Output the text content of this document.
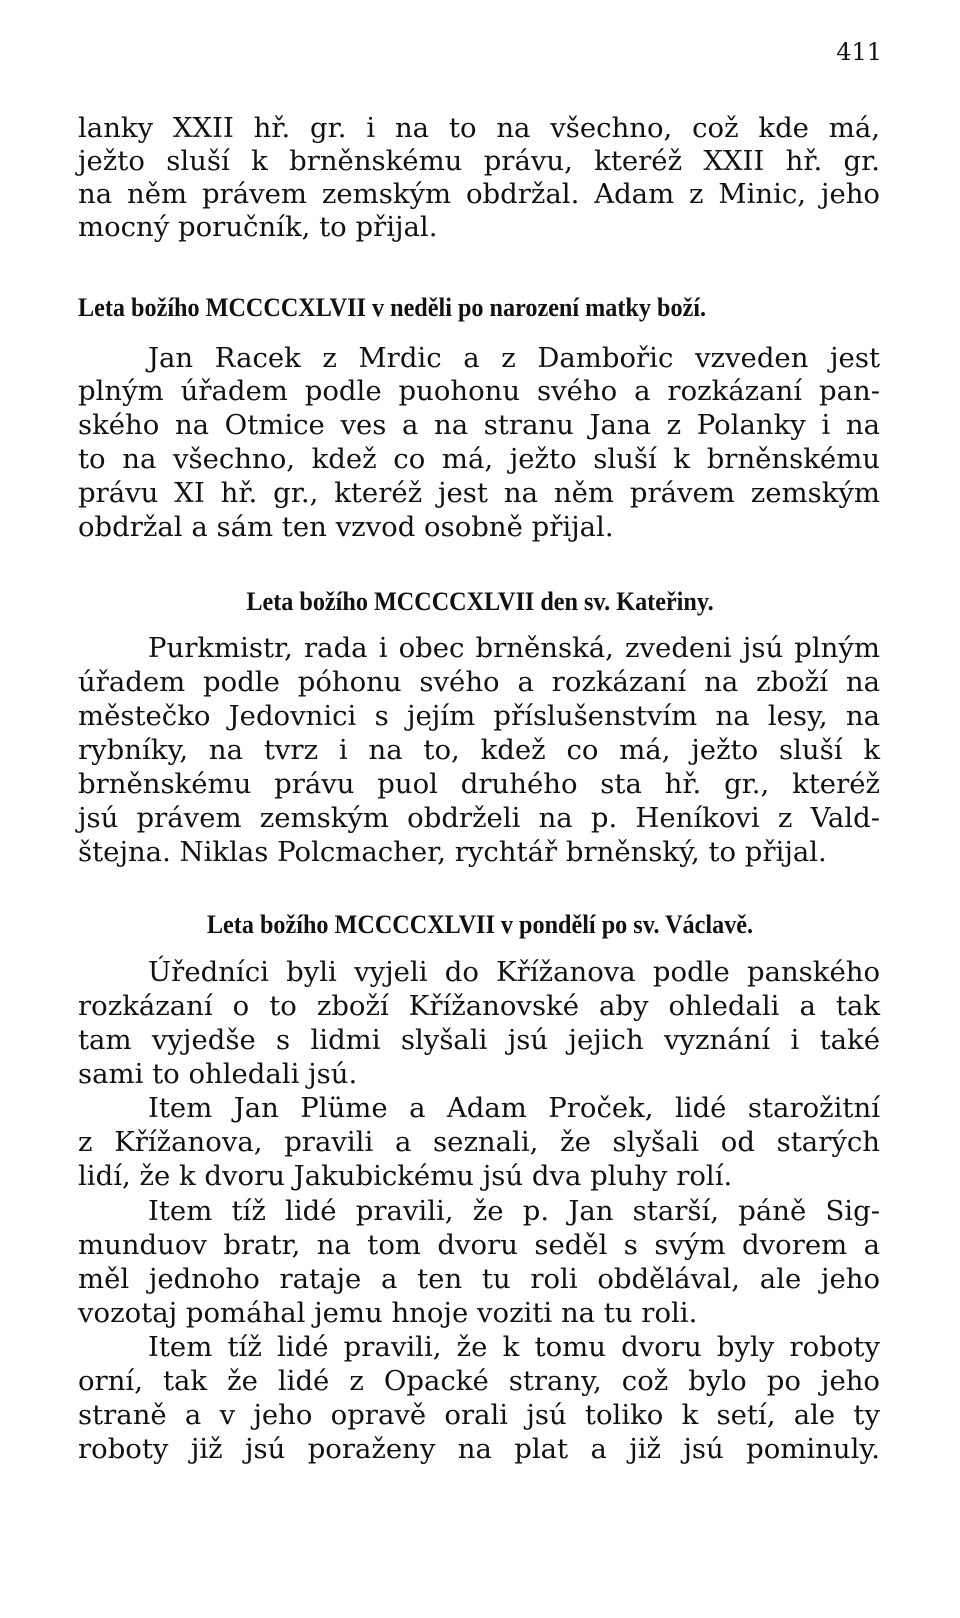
411
lanky XXII hř. gr. i na to na všechno, což kde má,
ježto sluší k brněnskému právu, kteréž XXII hř. gr.
na něm právem zemským obdržal. Adam z Minic, jeho
mocný poručník, to přijal.
Leta božího MCCCCXLVII v neděli po narození matky boží.
Jan Racek z Mrdic a z Dambořic vzveden jest
plným úřadem podle puohonu svého a rozkázaní pan-
ského na Otmice ves a na stranu Jana z Polanky i na
to na všechno, kdež co má, ježto sluší k brněnskému
právu XI hř. gr., kteréž jest na něm právem zemským
obdržal a sám ten vzvod osobně přijal.
Leta božího MCCCCXLVII den sv. Kateřiny.
Purkmistr, rada i obec brněnská, zvedeni jsú plným
úřadem podle póhonu svého a rozkázaní na zboží na
městečko Jedovnici s jejím příslušenstvím na lesy, na
rybníky, na tvrz i na to, kdež co má, ježto sluší k
brněnskému právu puol druhého sta hř. gr., kteréž
jsú právem zemským obdrželi na p. Heníkovi z Vald-
štejna. Niklas Polcmacher, rychtář brněnský, to přijal.
Leta božího MCCCCXLVII v pondělí po sv. Václavě.
Úředníci byli vyjeli do Křížanova podle panského
rozkázaní o to zboží Křížanovské aby ohledali a tak
tam vyjedše s lidmi slyšali jsú jejich vyznání i také
sami to ohledali jsú.
Item Jan Plüme a Adam Proček, lidé starožitní
z Křížanova, pravili a seznali, že slyšali od starých
lidí, že k dvoru Jakubickému jsú dva pluhy rolí.
Item tíž lidé pravili, že p. Jan starší, páně Sig-
munduov bratr, na tom dvoru seděl s svým dvorem a
měl jednoho rataje a ten tu roli obdělával, ale jeho
vozotaj pomáhal jemu hnoje voziti na tu roli.
Item tíž lidé pravili, že k tomu dvoru byly roboty
orní, tak že lidé z Opacké strany, což bylo po jeho
straně a v jeho opravě orali jsú toliko k setí, ale ty
roboty již jsú poraženy na plat a již jsú pominuly.
